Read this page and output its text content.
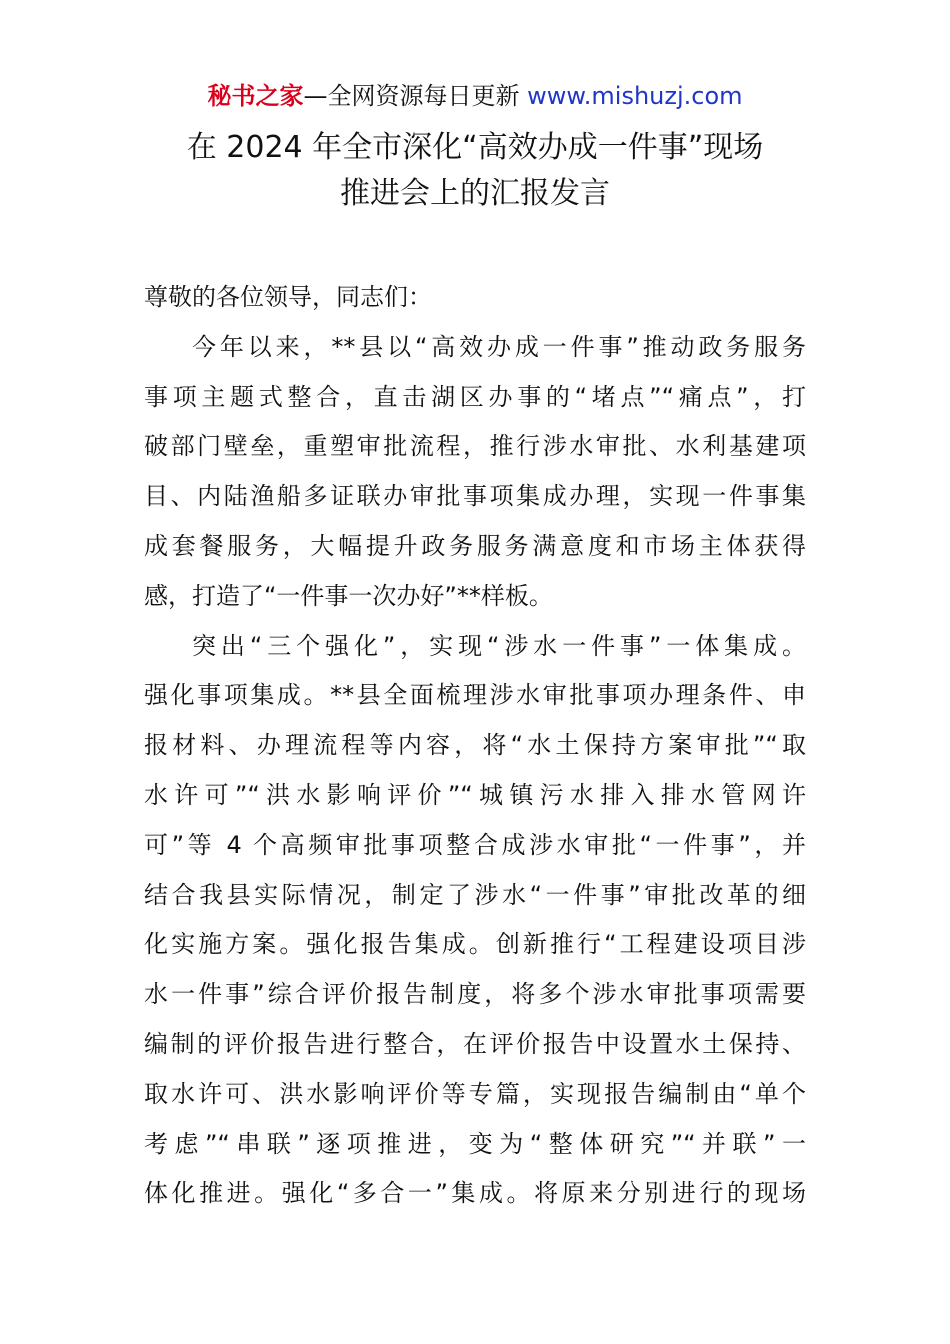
秘书之家—全网资源每日更新 www.mishuzj.com
在 2024 年全市深化“高效办成一件事”现场
推进会上的汇报发言
尊敬的各位领导，同志们：
今年以来，**县以“高效办成一件事”推动政务服务
事项主题式整合，直击湖区办事的“堵点”“痛点”，打
破部门壁垒，重塑审批流程，推行涉水审批、水利基建项
目、内陆渔船多证联办审批事项集成办理，实现一件事集
成套餐服务，大幅提升政务服务满意度和市场主体获得
感，打造了“一件事一次办好”**样板。
突出“三个强化”，实现“涉水一件事”一体集成。
强化事项集成。**县全面梳理涉水审批事项办理条件、申
报材料、办理流程等内容，将“水土保持方案审批”“取
水许可”“洪水影响评价”“城镇污水排入排水管网许
可”等 4 个高频审批事项整合成涉水审批“一件事”，并
结合我县实际情况，制定了涉水“一件事”审批改革的细
化实施方案。强化报告集成。创新推行“工程建设项目涉
水一件事”综合评价报告制度，将多个涉水审批事项需要
编制的评价报告进行整合，在评价报告中设置水土保持、
取水许可、洪水影响评价等专篇，实现报告编制由“单个
考虑”“串联”逐项推进，变为“整体研究”“并联”一
体化推进。强化“多合一”集成。将原来分别进行的现场
